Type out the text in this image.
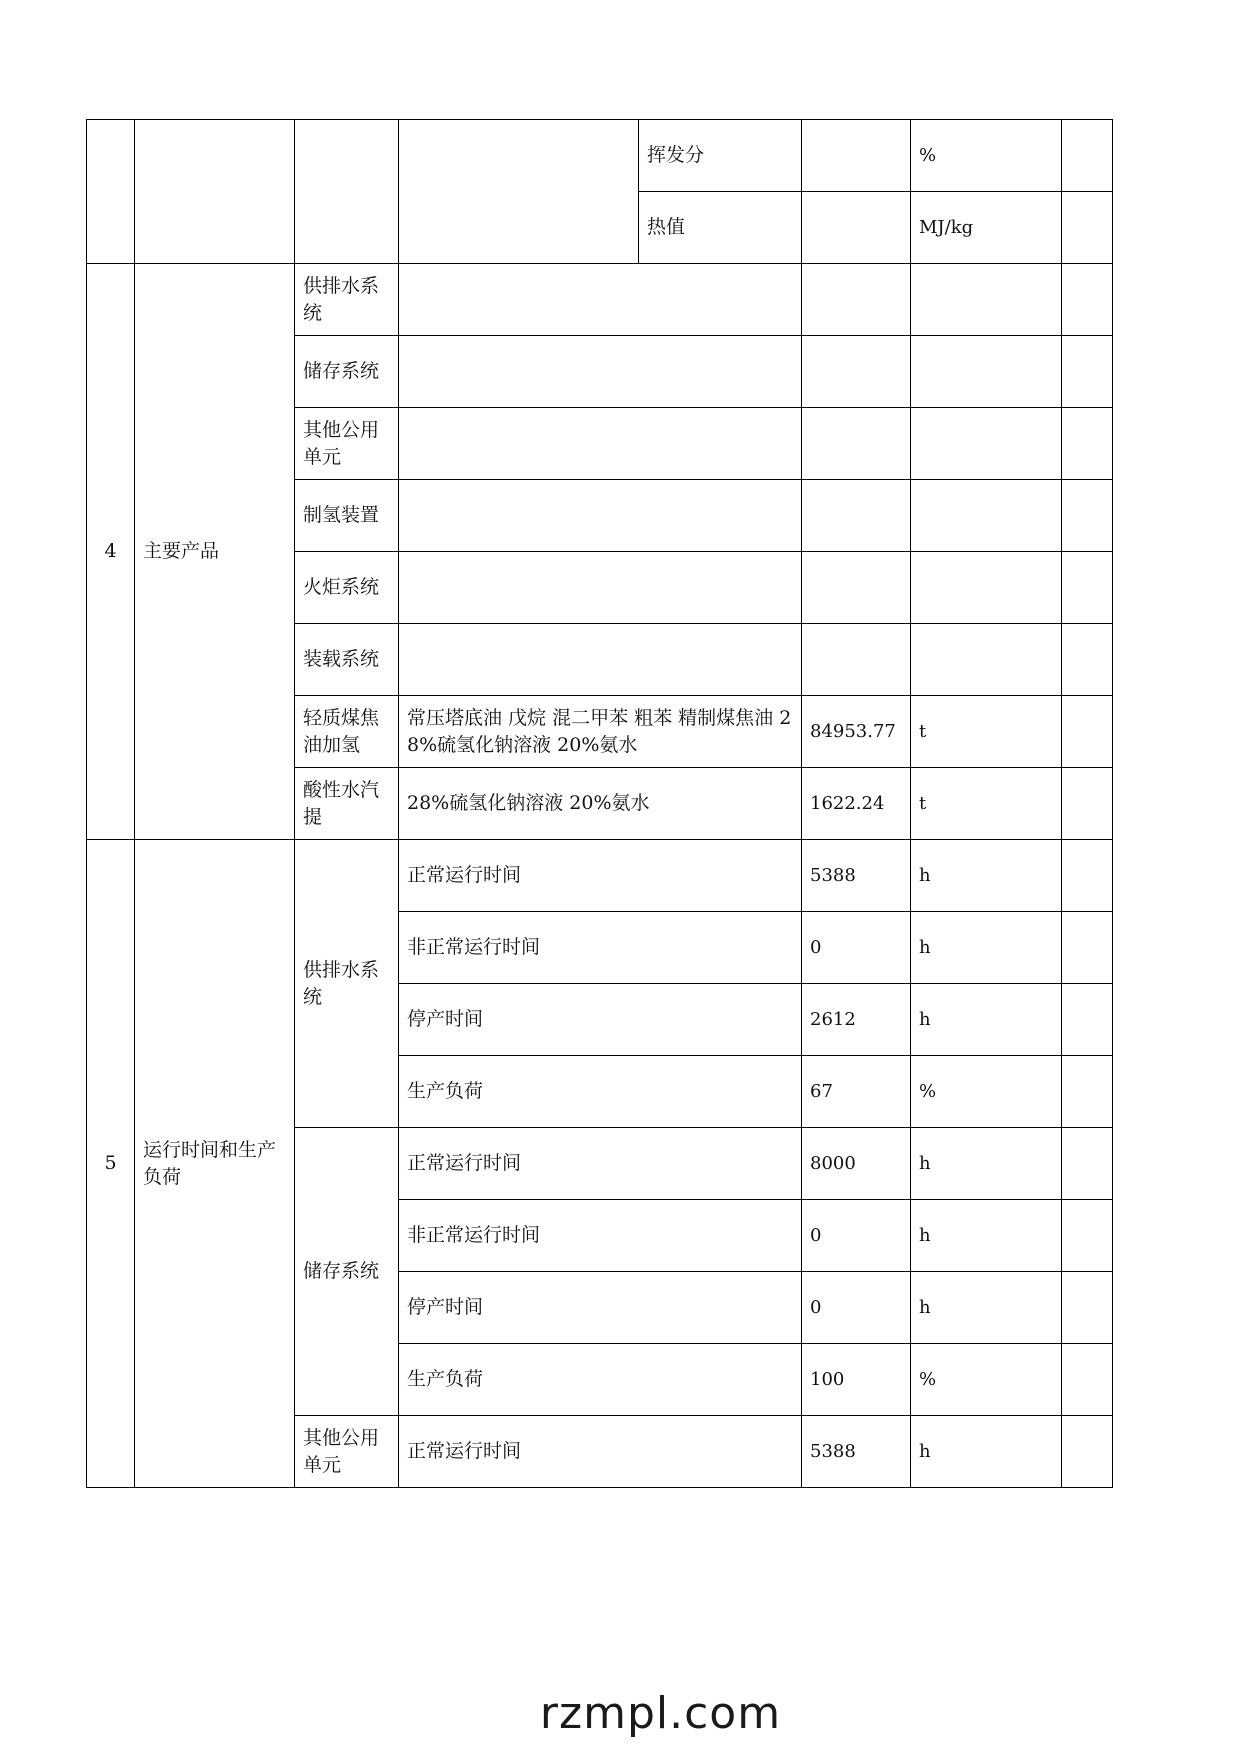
				挥发分		%	
				热值		MJ/kg	
4	主要产品	供排水系统					
		储存系统					
		其他公用单元					
		制氢装置					
		火炬系统					
		装载系统					
		轻质煤焦油加氢	常压塔底油 戊烷 混二甲苯 粗苯 精制煤焦油 28%硫氢化钠溶液 20%氨水		84953.77	t	
		酸性水汽提	28%硫氢化钠溶液 20%氨水		1622.24	t	
5	运行时间和生产负荷	供排水系统	正常运行时间		5388	h	
			非正常运行时间		0	h	
			停产时间		2612	h	
			生产负荷		67	%	
		储存系统	正常运行时间		8000	h	
			非正常运行时间		0	h	
			停产时间		0	h	
			生产负荷		100	%	
		其他公用单元	正常运行时间		5388	h	
rzmpl.com
